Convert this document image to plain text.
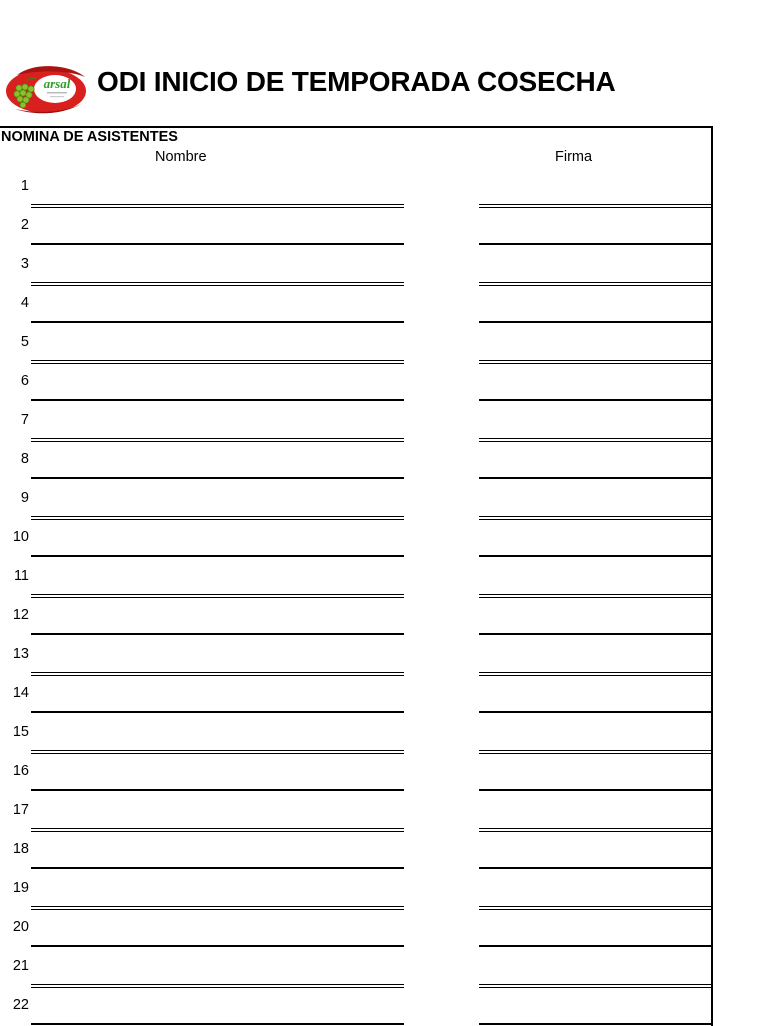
arsal ODI INICIO DE TEMPORADA COSECHA
NOMINA DE ASISTENTES
Nombre	Firma
1
2
3
4
5
6
7
8
9
10
11
12
13
14
15
16
17
18
19
20
21
22
